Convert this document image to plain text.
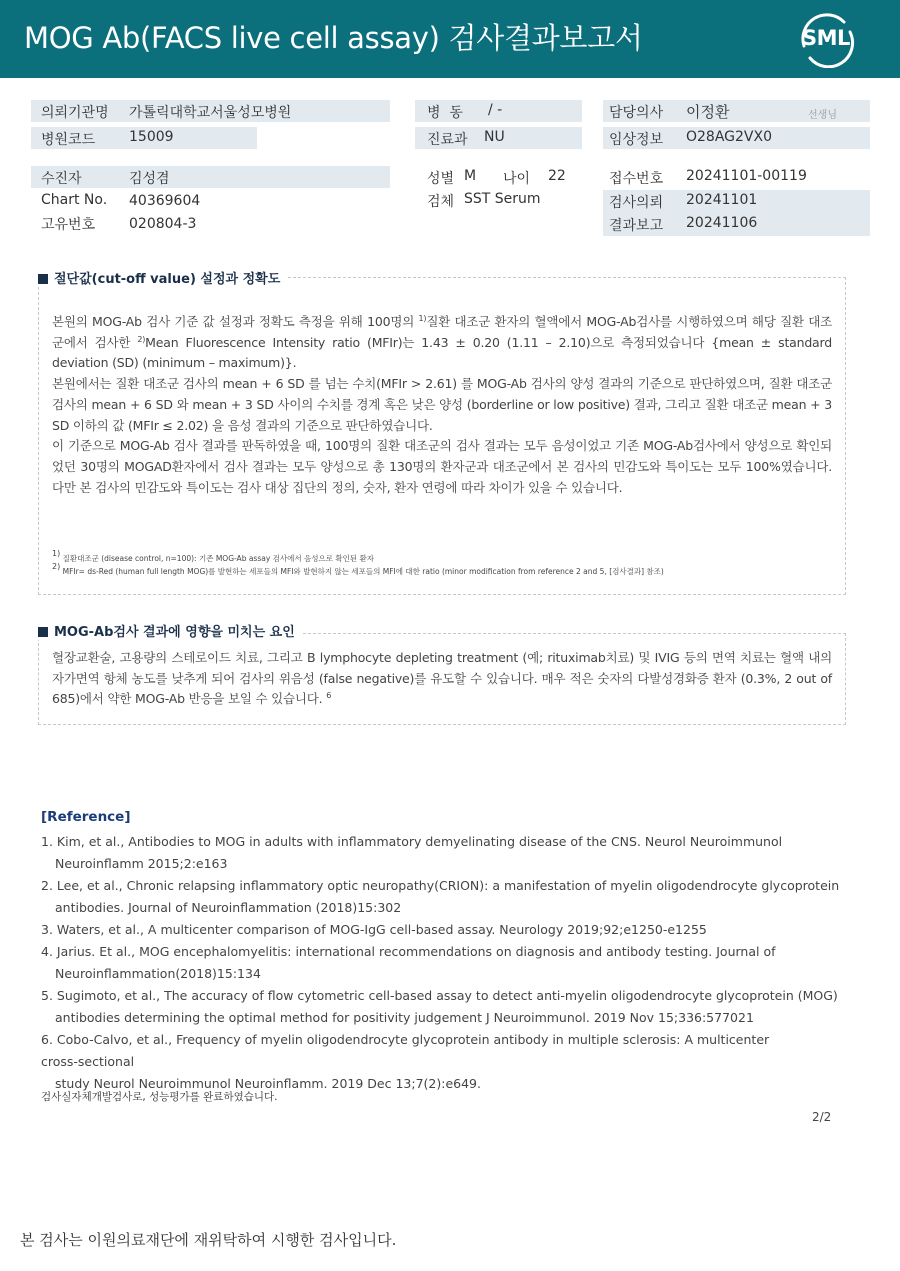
MOG Ab(FACS live cell assay) 검사결과보고서	SML
의뢰기관명 가톨릭대학교서울성모병원
병원코드 15009
병  동 / -
진료과 NU
담당의사 이정환	선생님
임상정보 O28AG2VX0
수진자	김성겸
Chart No. 40369604
고유번호 020804-3
성별 M 나이 22
검체 SST Serum
접수번호 20241101-00119
검사의뢰 20241101
결과보고 20241106
절단값(cut-off value) 설정과 정확도

본원의 MOG-Ab 검사 기준 값 설정과 정확도 측정을 위해 100명의 $^{1)}$질환 대조군 환자의 혈액에서 MOG-Ab검사를 시행하였으며 해당 질환 대조군에서 검사한 $^{2)}$Mean Fluorescence Intensity ratio (MFIr)는 1.43 ± 0.20 (1.11 – 2.10)으로 측정되었습니다 {mean ± standard deviation (SD) (minimum – maximum)}.

본원에서는 질환 대조군 검사의 mean + 6 SD 를 넘는 수치(MFIr > 2.61) 를 MOG-Ab 검사의 양성 결과의 기준으로 판단하였으며, 질환 대조군 검사의 mean + 6 SD 와 mean + 3 SD 사이의 수치를 경계 혹은 낮은 양성 (borderline or low positive) 결과, 그리고 질환 대조군 mean + 3 SD 이하의 값 (MFIr ≤ 2.02) 을 음성 결과의 기준으로 판단하였습니다.

이 기준으로 MOG-Ab 검사 결과를 판독하였을 때, 100명의 질환 대조군의 검사 결과는 모두 음성이었고 기존 MOG-Ab검사에서 양성으로 확인되었던 30명의 MOGAD환자에서 검사 결과는 모두 양성으로 총 130명의 환자군과 대조군에서 본 검사의 민감도와 특이도는 모두 100%였습니다. 다만 본 검사의 민감도와 특이도는 검사 대상 집단의 정의, 숫자, 환자 연령에 따라 차이가 있을 수 있습니다.

$^{1)}$ 질환대조군 (disease control, n=100): 기존 MOG-Ab assay 검사에서 음성으로 확인된 환자
$^{2)}$ MFIr= ds-Red (human full length MOG)를 발현하는 세포들의 MFI와 발현하지 않는 세포들의 MFI에 대한 ratio (minor modification from reference 2 and 5, [검사결과] 참조)
MOG-Ab검사 결과에 영향을 미치는 요인

혈장교환술, 고용량의 스테로이드 치료, 그리고 B lymphocyte depleting treatment (예; rituximab치료) 및 IVIG 등의 면역 치료는 혈액 내의 자가면역 항체 농도를 낮추게 되어 검사의 위음성 (false negative)를 유도할 수 있습니다. 매우 적은 숫자의 다발성경화증 환자 (0.3%, 2 out of 685)에서 약한 MOG-Ab 반응을 보일 수 있습니다. $^6$

[Reference]
1. Kim, et al., Antibodies to MOG in adults with inflammatory demyelinating disease of the CNS. Neurol Neuroimmunol
Neuroinflamm 2015;2:e163
2. Lee, et al., Chronic relapsing inflammatory optic neuropathy(CRION): a manifestation of myelin oligodendrocyte glycoprotein
antibodies. Journal of Neuroinflammation (2018)15:302
3. Waters, et al., A multicenter comparison of MOG-IgG cell-based assay. Neurology 2019;92;e1250-e1255
4. Jarius. Et al., MOG encephalomyelitis: international recommendations on diagnosis and antibody testing. Journal of
Neuroinflammation(2018)15:134
5. Sugimoto, et al., The accuracy of flow cytometric cell-based assay to detect anti-myelin oligodendrocyte glycoprotein (MOG)
antibodies determining the optimal method for positivity judgement J Neuroimmunol. 2019 Nov 15;336:577021
6. Cobo-Calvo, et al., Frequency of myelin oligodendrocyte glycoprotein antibody in multiple sclerosis: A multicenter
cross-sectional
study Neurol Neuroimmunol Neuroinflamm. 2019 Dec 13;7(2):e649.
검사실자체개발검사로, 성능평가를 완료하였습니다.
2/2
본 검사는 이원의료재단에 재위탁하여 시행한 검사입니다.
